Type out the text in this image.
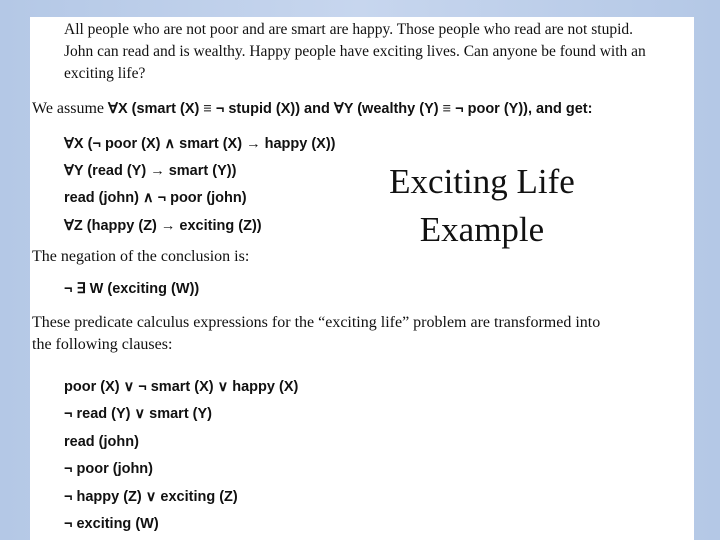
All people who are not poor and are smart are happy. Those people who read are not stupid.
John can read and is wealthy. Happy people have exciting lives. Can anyone be found with an
exciting life?
We assume ∀X (smart (X) ≡ ¬ stupid (X)) and ∀Y (wealthy (Y) ≡ ¬ poor (Y)), and get:
∀X (¬ poor (X) ∧ smart (X) → happy (X))
∀Y (read (Y) → smart (Y))
read (john) ∧ ¬ poor (john)
∀Z (happy (Z) → exciting (Z))
The negation of the conclusion is:
¬ ∃ W (exciting (W))
These predicate calculus expressions for the “exciting life” problem are transformed into
the following clauses:
poor (X) ∨ ¬ smart (X) ∨ happy (X)
¬ read (Y) ∨ smart (Y)
read (john)
¬ poor (john)
¬ happy (Z) ∨ exciting (Z)
¬ exciting (W)
Exciting Life
Example
